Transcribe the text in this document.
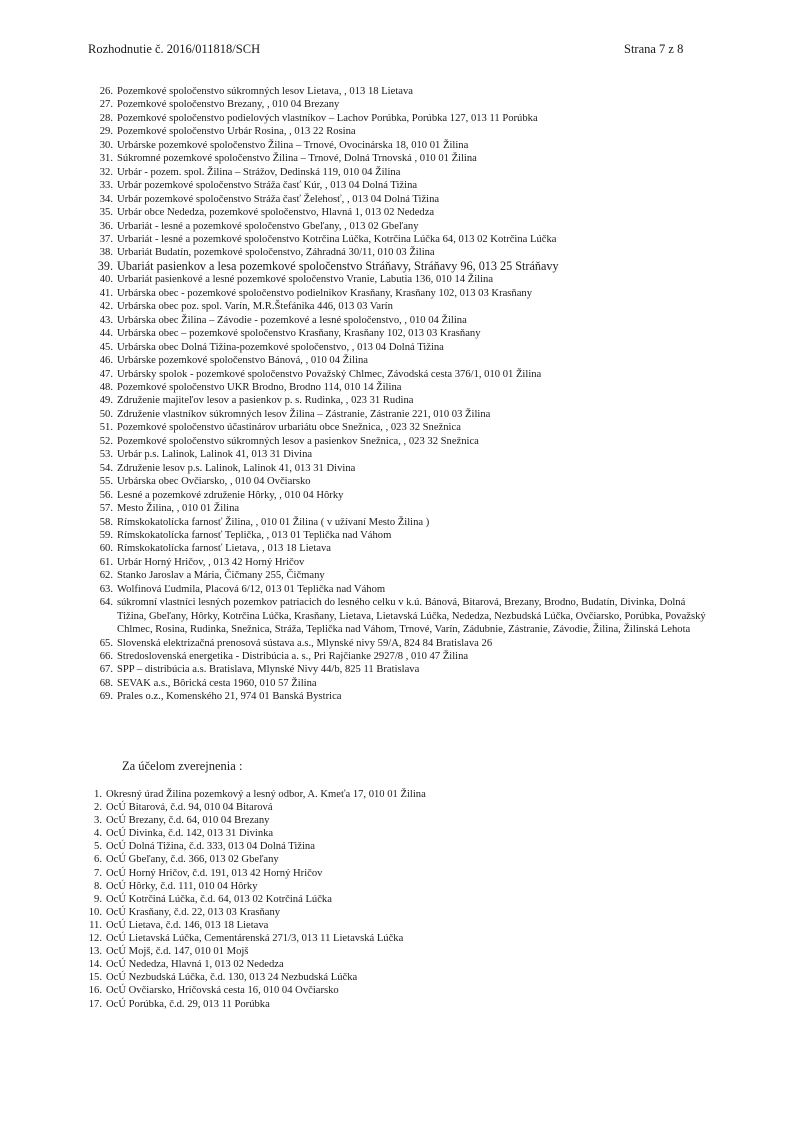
Rozhodnutie č. 2016/011818/SCH	Strana 7 z 8
26. Pozemkové spoločenstvo súkromných lesov Lietava, , 013 18 Lietava
27. Pozemkové spoločenstvo Brezany, , 010 04 Brezany
28. Pozemkové spoločenstvo podielových vlastníkov – Lachov Porúbka, Porúbka 127, 013 11 Porúbka
29. Pozemkové spoločenstvo Urbár Rosina, , 013 22 Rosina
30. Urbárske pozemkové spoločenstvo Žilina – Trnové, Ovocinárska 18, 010 01 Žilina
31. Súkromné pozemkové spoločenstvo Žilina – Trnové, Dolná Trnovská , 010 01 Žilina
32. Urbár - pozem. spol. Žilina – Strážov, Dedinská 119, 010 04 Žilina
33. Urbár pozemkové spoločenstvo Stráža časť Kúr, , 013 04 Dolná Tižina
34. Urbár pozemkové spoločenstvo Stráža časť Želehosť, , 013 04 Dolná Tižina
35. Urbár obce Nededza, pozemkové spoločenstvo, Hlavná 1, 013 02 Nededza
36. Urbariát - lesné a pozemkové spoločenstvo Gbeľany, , 013 02 Gbeľany
37. Urbariát - lesné a pozemkové spoločenstvo Kotrčina Lúčka, Kotrčina Lúčka 64, 013 02 Kotrčina Lúčka
38. Urbariát Budatín, pozemkové spoločenstvo, Záhradná 30/11, 010 03 Žilina
39. Ubariát pasienkov a lesa pozemkové spoločenstvo Stráňavy, Stráňavy 96, 013 25 Stráňavy
40. Urbariát pasienkové a lesné pozemkové spoločenstvo Vranie, Labutia 136, 010 14 Žilina
41. Urbárska obec - pozemkové spoločenstvo podielnikov Krasňany, Krasňany 102, 013 03 Krasňany
42. Urbárska obec poz. spol. Varín, M.R.Štefánika 446, 013 03 Varín
43. Urbárska obec Žilina – Závodie - pozemkové a lesné spoločenstvo, , 010 04 Žilina
44. Urbárska obec – pozemkové spoločenstvo Krasňany, Krasňany 102, 013 03 Krasňany
45. Urbárska obec Dolná Tižina-pozemkové spoločenstvo, , 013 04 Dolná Tižina
46. Urbárske pozemkové spoločenstvo Bánová, , 010 04 Žilina
47. Urbársky spolok - pozemkové spoločenstvo Považský Chlmec, Závodská cesta 376/1, 010 01 Žilina
48. Pozemkové spoločenstvo UKR Brodno, Brodno 114, 010 14 Žilina
49. Združenie majiteľov lesov a pasienkov p. s. Rudinka, , 023 31 Rudina
50. Združenie vlastníkov súkromných lesov Žilina – Zástranie, Zástranie 221, 010 03 Žilina
51. Pozemkové spoločenstvo účastinárov urbariátu obce Snežnica, , 023 32 Snežnica
52. Pozemkové spoločenstvo súkromných lesov a pasienkov Snežnica, , 023 32 Snežnica
53. Urbár p.s. Lalinok, Lalinok 41, 013 31 Divina
54. Združenie lesov p.s. Lalinok, Lalinok 41, 013 31 Divina
55. Urbárska obec Ovčiarsko, , 010 04 Ovčiarsko
56. Lesné a pozemkové združenie Hôrky, , 010 04 Hôrky
57. Mesto Žilina, , 010 01 Žilina
58. Rímskokatolícka farnosť Žilina, , 010 01 Žilina ( v užívaní Mesto Žilina )
59. Rímskokatolícka farnosť Teplička, , 013 01 Teplička nad Váhom
60. Rímskokatolícka farnosť Lietava, , 013 18 Lietava
61. Urbár Horný Hričov, , 013 42 Horný Hričov
62. Stanko Jaroslav a Mária, Čičmany 255, Čičmany
63. Wolfinová Ľudmila, Placová 6/12, 013 01 Teplička nad Váhom
64. súkromní vlastníci lesných pozemkov patriacich do lesného celku v k.ú. Bánová, Bitarová, Brezany, Brodno, Budatín, Divinka, Dolná Tižina, Gbeľany, Hôrky, Kotrčina Lúčka, Krasňany, Lietava, Lietavská Lúčka, Nededza, Nezbudská Lúčka, Ovčiarsko, Porúbka, Považský Chlmec, Rosina, Rudinka, Snežnica, Stráža, Teplička nad Váhom, Trnové, Varín, Zádubnie, Zástranie, Závodie, Žilina, Žilinská Lehota
65. Slovenská elektrizačná prenosová sústava a.s., Mlynské nivy 59/A, 824 84 Bratislava 26
66. Stredoslovenská energetika - Distribúcia a. s., Pri Rajčianke 2927/8 , 010 47 Žilina
67. SPP – distribúcia a.s. Bratislava, Mlynské Nivy 44/b, 825 11 Bratislava
68. SEVAK a.s., Bôrická cesta 1960, 010 57 Žilina
69. Prales o.z., Komenského 21, 974 01 Banská Bystrica
Za účelom zverejnenia :
1. Okresný úrad Žilina pozemkový a lesný odbor, A. Kmeťa 17, 010 01 Žilina
2. OcÚ Bitarová, č.d. 94, 010 04 Bitarová
3. OcÚ Brezany, č.d. 64, 010 04 Brezany
4. OcÚ Divinka, č.d. 142, 013 31 Divinka
5. OcÚ Dolná Tižina, č.d. 333, 013 04 Dolná Tižina
6. OcÚ Gbeľany, č.d. 366, 013 02 Gbeľany
7. OcÚ Horný Hričov, č.d. 191, 013 42 Horný Hričov
8. OcÚ Hôrky, č.d. 111, 010 04 Hôrky
9. OcÚ Kotrčiná Lúčka, č.d. 64, 013 02 Kotrčiná Lúčka
10. OcÚ Krasňany, č.d. 22, 013 03 Krasňany
11. OcÚ Lietava, č.d. 146, 013 18 Lietava
12. OcÚ Lietavská Lúčka, Cementárenská 271/3, 013 11 Lietavská Lúčka
13. OcÚ Mojš, č.d. 147, 010 01 Mojš
14. OcÚ Nededza, Hlavná 1, 013 02 Nededza
15. OcÚ Nezbudská Lúčka, č.d. 130, 013 24 Nezbudská Lúčka
16. OcÚ Ovčiarsko, Hričovská cesta 16, 010 04 Ovčiarsko
17. OcÚ Porúbka, č.d. 29, 013 11 Porúbka
